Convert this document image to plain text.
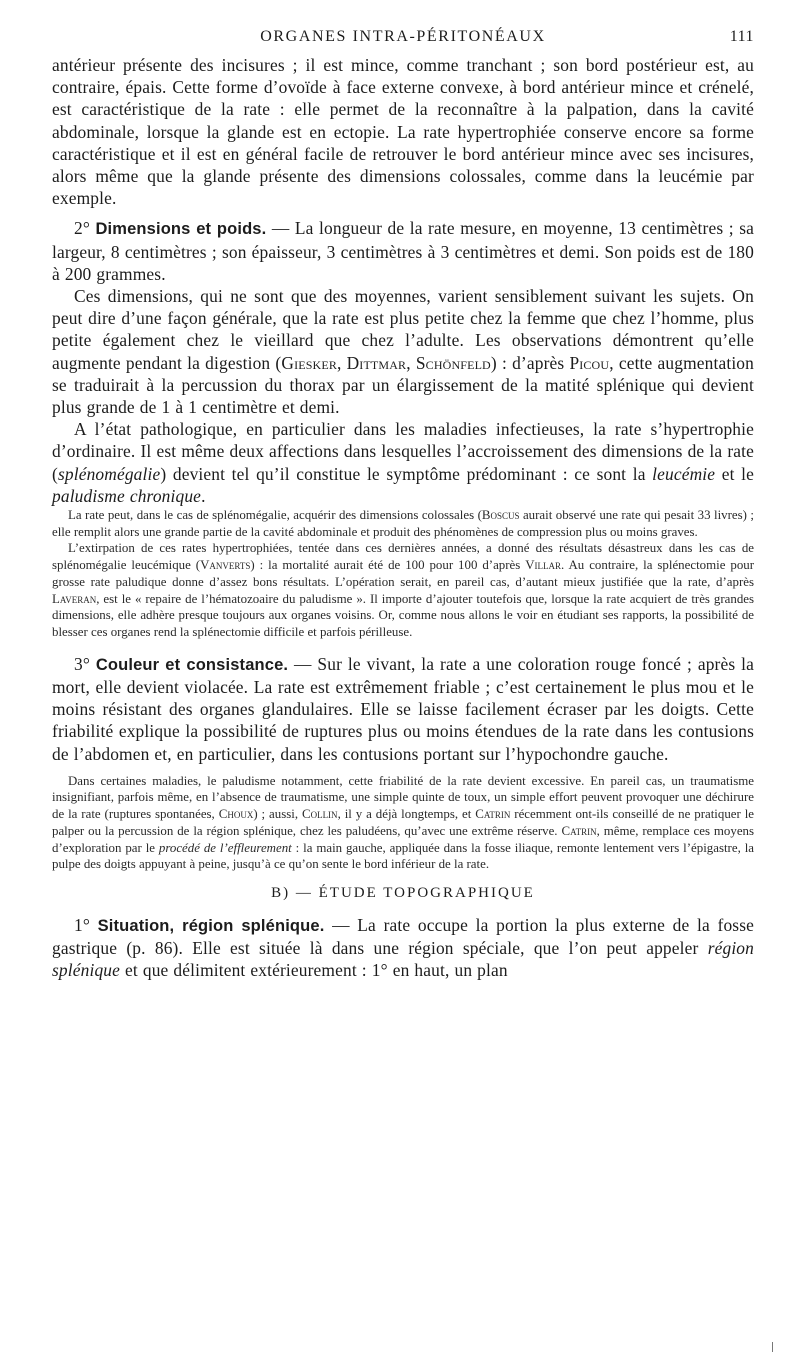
ORGANES INTRA-PÉRITONÉAUX	111

antérieur présente des incisures ; il est mince, comme tranchant ; son bord postérieur est, au contraire, épais. Cette forme d’ovoïde à face externe convexe, à bord antérieur mince et crénelé, est caractéristique de la rate : elle permet de la reconnaître à la palpation, dans la cavité abdominale, lorsque la glande est en ectopie. La rate hypertrophiée conserve encore sa forme caractéristique et il est en général facile de retrouver le bord antérieur mince avec ses incisures, alors même que la glande présente des dimensions colossales, comme dans la leucémie par exemple.

2° Dimensions et poids. — La longueur de la rate mesure, en moyenne, 13 centimètres ; sa largeur, 8 centimètres ; son épaisseur, 3 centimètres à 3 centimètres et demi. Son poids est de 180 à 200 grammes.

Ces dimensions, qui ne sont que des moyennes, varient sensiblement suivant les sujets. On peut dire d’une façon générale, que la rate est plus petite chez la femme que chez l’homme, plus petite également chez le vieillard que chez l’adulte. Les observations démontrent qu’elle augmente pendant la digestion (Giesker, Dittmar, Schönfeld) : d’après Picou, cette augmentation se traduirait à la percussion du thorax par un élargissement de la matité splénique qui devient plus grande de 1 à 1 centimètre et demi.

A l’état pathologique, en particulier dans les maladies infectieuses, la rate s’hypertrophie d’ordinaire. Il est même deux affections dans lesquelles l’accroissement des dimensions de la rate (splénomégalie) devient tel qu’il constitue le symptôme prédominant : ce sont la leucémie et le paludisme chronique.

La rate peut, dans le cas de splénomégalie, acquérir des dimensions colossales (Boscus aurait observé une rate qui pesait 33 livres) ; elle remplit alors une grande partie de la cavité abdominale et produit des phénomènes de compression plus ou moins graves.

L’extirpation de ces rates hypertrophiées, tentée dans ces dernières années, a donné des résultats désastreux dans les cas de splénomégalie leucémique (Vanverts) : la mortalité aurait été de 100 pour 100 d’après Villar. Au contraire, la splénectomie pour grosse rate paludique donne d’assez bons résultats. L’opération serait, en pareil cas, d’autant mieux justifiée que la rate, d’après Laveran, est le « repaire de l’hématozoaire du paludisme ». Il importe d’ajouter toutefois que, lorsque la rate acquiert de très grandes dimensions, elle adhère presque toujours aux organes voisins. Or, comme nous allons le voir en étudiant ses rapports, la possibilité de blesser ces organes rend la splénectomie difficile et parfois périlleuse.

3° Couleur et consistance. — Sur le vivant, la rate a une coloration rouge foncé ; après la mort, elle devient violacée. La rate est extrêmement friable ; c’est certainement le plus mou et le moins résistant des organes glandulaires. Elle se laisse facilement écraser par les doigts. Cette friabilité explique la possibilité de ruptures plus ou moins étendues de la rate dans les contusions de l’abdomen et, en particulier, dans les contusions portant sur l’hypochondre gauche.

Dans certaines maladies, le paludisme notamment, cette friabilité de la rate devient excessive. En pareil cas, un traumatisme insignifiant, parfois même, en l’absence de traumatisme, une simple quinte de toux, un simple effort peuvent provoquer une déchirure de la rate (ruptures spontanées, Choux) ; aussi, Collin, il y a déjà longtemps, et Catrin récemment ont-ils conseillé de ne pratiquer le palper ou la percussion de la région splénique, chez les paludéens, qu’avec une extrême réserve. Catrin, même, remplace ces moyens d’exploration par le procédé de l’effleurement : la main gauche, appliquée dans la fosse iliaque, remonte lentement vers l’épigastre, la pulpe des doigts appuyant à peine, jusqu’à ce qu’on sente le bord inférieur de la rate.

B) — ÉTUDE TOPOGRAPHIQUE

1° Situation, région splénique. — La rate occupe la portion la plus externe de la fosse gastrique (p. 86). Elle est située là dans une région spéciale, que l’on peut appeler région splénique et que délimitent extérieurement : 1° en haut, un plan
